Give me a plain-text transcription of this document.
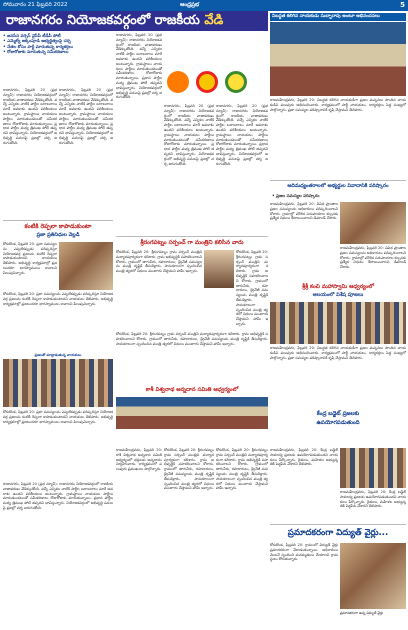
సోమవారం 21 ఫిబ్రవరి 2022	ఆంధ్రప్రభ	5
రాజానగరం నియోజకవర్గంలో రాజకీయ వేడి
• జనసేన వర్సెస్ వైసీపీ టీడీపీ పోటీ
• ఎమ్మెల్యే జక్కంపూడి అభ్యర్థిత్వంపై చర్చ
• నేతల కోసం పార్టీ మారుతున్న కార్యకర్తలు
• రోజురోజుకు మారుతున్న సమీకరణాలు
రాజానగరం, ఫిబ్రవరి 20 (ప్రభ న్యూస్): రాజానగరం నియోజకవర్గంలో రాజకీయ వాతావరణం వేడెక్కుతోంది. వచ్చే ఎన్నికల నాటికి పార్టీల బలాబలాలు మారే అవకాశం ఉందని పరిశీలకులు అంటున్నారు. గ్రామస్థాయి నాయకులు పార్టీలు మారుతుండటంతో సమీకరణాలు రోజురోజుకు మారుతున్నాయి. ప్రధాన పార్టీల మధ్య త్రిముఖ పోటీ తప్పదని భావిస్తున్నారు. నియోజకవర్గంలో అభివృద్ధి పనులపై ప్రజల్లో చర్చ జరుగుతోంది.
రాజానగరం, ఫిబ్రవరి 20 (ప్రభ న్యూస్): రాజానగరం నియోజకవర్గంలో రాజకీయ వాతావరణం వేడెక్కుతోంది. వచ్చే ఎన్నికల నాటికి పార్టీల బలాబలాలు మారే అవకాశం ఉందని పరిశీలకులు అంటున్నారు. గ్రామస్థాయి నాయకులు పార్టీలు మారుతుండటంతో సమీకరణాలు రోజురోజుకు మారుతున్నాయి. ప్రధాన పార్టీల మధ్య త్రిముఖ పోటీ తప్పదని భావిస్తున్నారు. నియోజకవర్గంలో అభివృద్ధి పనులపై ప్రజల్లో చర్చ జరుగుతోంది.
రాజానగరం, ఫిబ్రవరి 20 (ప్రభ న్యూస్): రాజానగరం నియోజకవర్గంలో రాజకీయ వాతావరణం వేడెక్కుతోంది. వచ్చే ఎన్నికల నాటికి పార్టీల బలాబలాలు మారే అవకాశం ఉందని పరిశీలకులు అంటున్నారు. గ్రామస్థాయి నాయకులు పార్టీలు మారుతుండటంతో సమీకరణాలు రోజురోజుకు మారుతున్నాయి. ప్రధాన పార్టీల మధ్య త్రిముఖ పోటీ తప్పదని భావిస్తున్నారు. నియోజకవర్గంలో అభివృద్ధి పనులపై ప్రజల్లో చర్చ జరుగుతోంది.
రాజానగరం, ఫిబ్రవరి 20 (ప్రభ న్యూస్): రాజానగరం నియోజకవర్గంలో రాజకీయ వాతావరణం వేడెక్కుతోంది. వచ్చే ఎన్నికల నాటికి పార్టీల బలాబలాలు మారే అవకాశం ఉందని పరిశీలకులు అంటున్నారు. గ్రామస్థాయి నాయకులు పార్టీలు మారుతుండటంతో సమీకరణాలు రోజురోజుకు మారుతున్నాయి. ప్రధాన పార్టీల మధ్య త్రిముఖ పోటీ తప్పదని భావిస్తున్నారు. నియోజకవర్గంలో అభివృద్ధి పనులపై ప్రజల్లో చర్చ జరుగుతోంది.
రాజానగరం, ఫిబ్రవరి 20 (ప్రభ న్యూస్): రాజానగరం నియోజకవర్గంలో రాజకీయ వాతావరణం వేడెక్కుతోంది. వచ్చే ఎన్నికల నాటికి పార్టీల బలాబలాలు మారే అవకాశం ఉందని పరిశీలకులు అంటున్నారు. గ్రామస్థాయి నాయకులు పార్టీలు మారుతుండటంతో సమీకరణాలు రోజురోజుకు మారుతున్నాయి. ప్రధాన పార్టీల మధ్య త్రిముఖ పోటీ తప్పదని భావిస్తున్నారు. నియోజకవర్గంలో అభివృద్ధి పనులపై ప్రజల్లో చర్చ జరుగుతోంది.
నిబద్ధత కలిగిన నాయకుడు సుబ్బారావు అంటూ అభినందనలు
రాజమహేంద్రవరం, ఫిబ్రవరి 20: నిబద్ధత కలిగిన నాయకుడిగా ప్రజల మన్ననలు పొందిన నాయకుడిని పలువురు అభినందించారు. కార్యక్రమంలో పార్టీ నాయకులు, కార్యకర్తలు పెద్ద సంఖ్యలో పాల్గొన్నారు. ప్రజా సమస్యల పరిష్కారానికి కృషి చేస్తామని తెలిపారు.
ఆదిమధ్యంతరాలలో అభ్యర్థుల వివాదానికి పరిష్కారం
• ప్రజల సమస్యల పరిష్కారం
రాజమహేంద్రవరం, ఫిబ్రవరి 20: వివిధ ప్రాంతాల ప్రజల సమస్యలను అధికారులు పరిష్కరించాలని కోరారు. గ్రామాల్లో మౌలిక సదుపాయాల కల్పనకు ప్రత్యేక నిధులు కేటాయించాలని డిమాండ్ చేశారు.
రాజమహేంద్రవరం, ఫిబ్రవరి 20: వివిధ ప్రాంతాల ప్రజల సమస్యలను అధికారులు పరిష్కరించాలని కోరారు. గ్రామాల్లో మౌలిక సదుపాయాల కల్పనకు ప్రత్యేక నిధులు కేటాయించాలని డిమాండ్ చేశారు.
శ్రీశ్రీ కంచి మహాస్వామి ఆధ్వర్యంలో
ఆలయంలో విశేష పూజలు
రాజమహేంద్రవరం, ఫిబ్రవరి 20: నిబద్ధత కలిగిన నాయకుడిగా ప్రజల మన్ననలు పొందిన నాయకుడిని పలువురు అభినందించారు. కార్యక్రమంలో పార్టీ నాయకులు, కార్యకర్తలు పెద్ద సంఖ్యలో పాల్గొన్నారు. ప్రజా సమస్యల పరిష్కారానికి కృషి చేస్తామని తెలిపారు.
కంటికి రెప్పలా కాపాడుకుంటా
ప్రజా ప్రతినిధుల వెల్లడి
కోరుకొండ, ఫిబ్రవరి 20: ప్రజా సమస్యలను ఎప్పటికప్పుడు పరిష్కరిస్తూ నియోజకవర్గ ప్రజలను కంటికి రెప్పలా కాపాడుకుంటానని నాయకులు తెలిపారు. అభివృద్ధి కార్యక్రమాల్లో ప్రజలందరూ భాగస్వాములు కావాలని పిలుపునిచ్చారు.
కోరుకొండ, ఫిబ్రవరి 20: ప్రజా సమస్యలను ఎప్పటికప్పుడు పరిష్కరిస్తూ నియోజకవర్గ ప్రజలను కంటికి రెప్పలా కాపాడుకుంటానని నాయకులు తెలిపారు. అభివృద్ధి కార్యక్రమాల్లో ప్రజలందరూ భాగస్వాములు కావాలని పిలుపునిచ్చారు.
ప్రజలతో మాట్లాడుతున్న నాయకులు
కోరుకొండ, ఫిబ్రవరి 20: ప్రజా సమస్యలను ఎప్పటికప్పుడు పరిష్కరిస్తూ నియోజకవర్గ ప్రజలను కంటికి రెప్పలా కాపాడుకుంటానని నాయకులు తెలిపారు. అభివృద్ధి కార్యక్రమాల్లో ప్రజలందరూ భాగస్వాములు కావాలని పిలుపునిచ్చారు.
రాజానగరం, ఫిబ్రవరి 20 (ప్రభ న్యూస్): రాజానగరం నియోజకవర్గంలో రాజకీయ వాతావరణం వేడెక్కుతోంది. వచ్చే ఎన్నికల నాటికి పార్టీల బలాబలాలు మారే అవకాశం ఉందని పరిశీలకులు అంటున్నారు. గ్రామస్థాయి నాయకులు పార్టీలు మారుతుండటంతో సమీకరణాలు రోజురోజుకు మారుతున్నాయి. ప్రధాన పార్టీల మధ్య త్రిముఖ పోటీ తప్పదని భావిస్తున్నారు. నియోజకవర్గంలో అభివృద్ధి పనులపై ప్రజల్లో చర్చ జరుగుతోంది.
శ్రీరంగపట్నం సర్పంచ్ గా మంత్రిని కలిసిన వారు
కోరుకొండ, ఫిబ్రవరి 20: శ్రీరంగపట్నం గ్రామ సర్పంచ్ మంత్రిని మర్యాదపూర్వకంగా కలిశారు. గ్రామ అభివృద్ధికి సహకరించాలని కోరారు. గ్రామంలో తాగునీరు, రహదారులు, డ్రైనేజీ సమస్యలను మంత్రి దృష్టికి తీసుకెళ్లారు. సానుకూలంగా స్పందించిన మంత్రి త్వరలో నిధులు మంజూరు చేస్తామని హామీ ఇచ్చారు.
కోరుకొండ, ఫిబ్రవరి 20: శ్రీరంగపట్నం గ్రామ సర్పంచ్ మంత్రిని మర్యాదపూర్వకంగా కలిశారు. గ్రామ అభివృద్ధికి సహకరించాలని కోరారు. గ్రామంలో తాగునీరు, రహదారులు, డ్రైనేజీ సమస్యలను మంత్రి దృష్టికి తీసుకెళ్లారు. సానుకూలంగా స్పందించిన మంత్రి త్వరలో నిధులు మంజూరు చేస్తామని హామీ ఇచ్చారు.
కోరుకొండ, ఫిబ్రవరి 20: శ్రీరంగపట్నం గ్రామ సర్పంచ్ మంత్రిని మర్యాదపూర్వకంగా కలిశారు. గ్రామ అభివృద్ధికి సహకరించాలని కోరారు. గ్రామంలో తాగునీరు, రహదారులు, డ్రైనేజీ సమస్యలను మంత్రి దృష్టికి తీసుకెళ్లారు. సానుకూలంగా స్పందించిన మంత్రి త్వరలో నిధులు మంజూరు చేస్తామని హామీ ఇచ్చారు.
కాశీ విశ్వనాథ అన్నదాన సమితి ఆధ్వర్యంలో
రాజమహేంద్రవరం, ఫిబ్రవరి 20: కాశీ విశ్వనాథ అన్నదాన సమితి ఆధ్వర్యంలో భక్తులకు అన్నదానం నిర్వహించారు. కార్యక్రమంలో పలువురు ప్రముఖులు పాల్గొన్నారు.
కోరుకొండ, ఫిబ్రవరి 20: శ్రీరంగపట్నం గ్రామ సర్పంచ్ మంత్రిని మర్యాదపూర్వకంగా కలిశారు. గ్రామ అభివృద్ధికి సహకరించాలని కోరారు. గ్రామంలో తాగునీరు, రహదారులు, డ్రైనేజీ సమస్యలను మంత్రి దృష్టికి తీసుకెళ్లారు. సానుకూలంగా స్పందించిన మంత్రి త్వరలో నిధులు మంజూరు చేస్తామని హామీ ఇచ్చారు.
కోరుకొండ, ఫిబ్రవరి 20: శ్రీరంగపట్నం గ్రామ సర్పంచ్ మంత్రిని మర్యాదపూర్వకంగా కలిశారు. గ్రామ అభివృద్ధికి సహకరించాలని కోరారు. గ్రామంలో తాగునీరు, రహదారులు, డ్రైనేజీ సమస్యలను మంత్రి దృష్టికి తీసుకెళ్లారు. సానుకూలంగా స్పందించిన మంత్రి త్వరలో నిధులు మంజూరు చేస్తామని హామీ ఇచ్చారు.
కేంద్ర బడ్జెట్ ప్రజలకు
ఉపయోగపడుతుంది
రాజమహేంద్రవరం, ఫిబ్రవరి 20: కేంద్ర బడ్జెట్ సామాన్య ప్రజలకు ఉపయోగపడుతుందని నాయకులు పేర్కొన్నారు. రైతులు, మహిళల అభ్యున్నతికి పెద్దపీట వేశారని తెలిపారు.
రాజమహేంద్రవరం, ఫిబ్రవరి 20: కేంద్ర బడ్జెట్ సామాన్య ప్రజలకు ఉపయోగపడుతుందని నాయకులు పేర్కొన్నారు. రైతులు, మహిళల అభ్యున్నతికి పెద్దపీట వేశారని తెలిపారు.
ప్రమాదకరంగా విద్యుత్ వైర్లు...
కోరుకొండ, ఫిబ్రవరి 20: గ్రామంలో విద్యుత్ వైర్లు ప్రమాదకరంగా వేలాడుతున్నాయి. అధికారులు వెంటనే స్పందించి మరమ్మతులు చేయాలని గ్రామస్థులు కోరుతున్నారు.
ప్రమాదకరంగా ఉన్న విద్యుత్ వైర్లు
